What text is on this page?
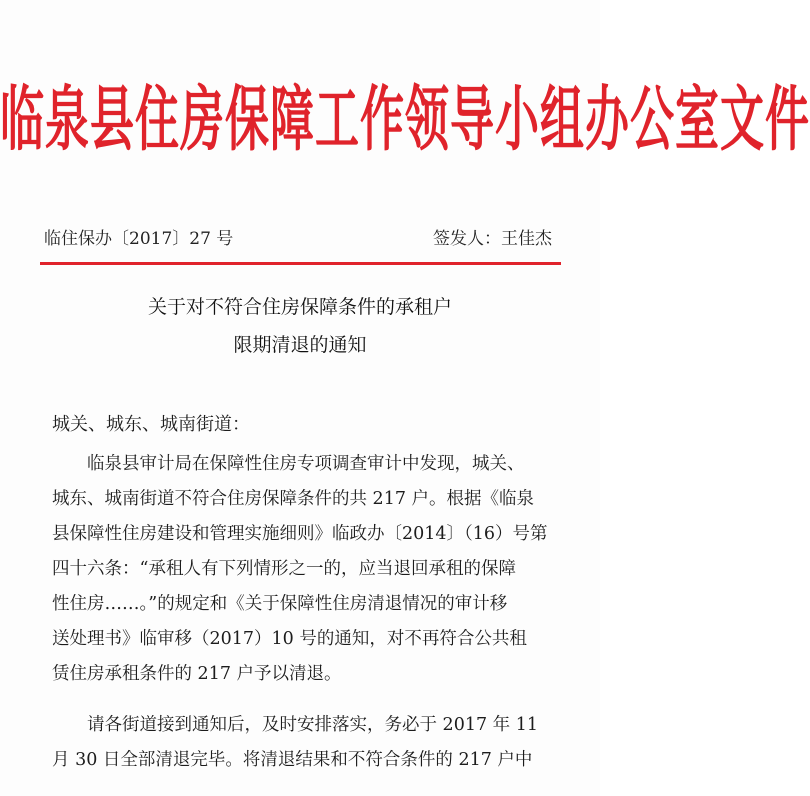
临泉县住房保障工作领导小组办公室文件
临住保办〔2017〕27 号	签发人：王佳杰
关于对不符合住房保障条件的承租户
限期清退的通知
城关、城东、城南街道：
临泉县审计局在保障性住房专项调查审计中发现，城关、
城东、城南街道不符合住房保障条件的共 217 户。根据《临泉
县保障性住房建设和管理实施细则》临政办〔2014〕（16）号第
四十六条：“承租人有下列情形之一的，应当退回承租的保障
性住房……。”的规定和《关于保障性住房清退情况的审计移
送处理书》临审移（2017）10 号的通知，对不再符合公共租
赁住房承租条件的 217 户予以清退。
请各街道接到通知后，及时安排落实，务必于 2017 年 11
月 30 日全部清退完毕。将清退结果和不符合条件的 217 户中
